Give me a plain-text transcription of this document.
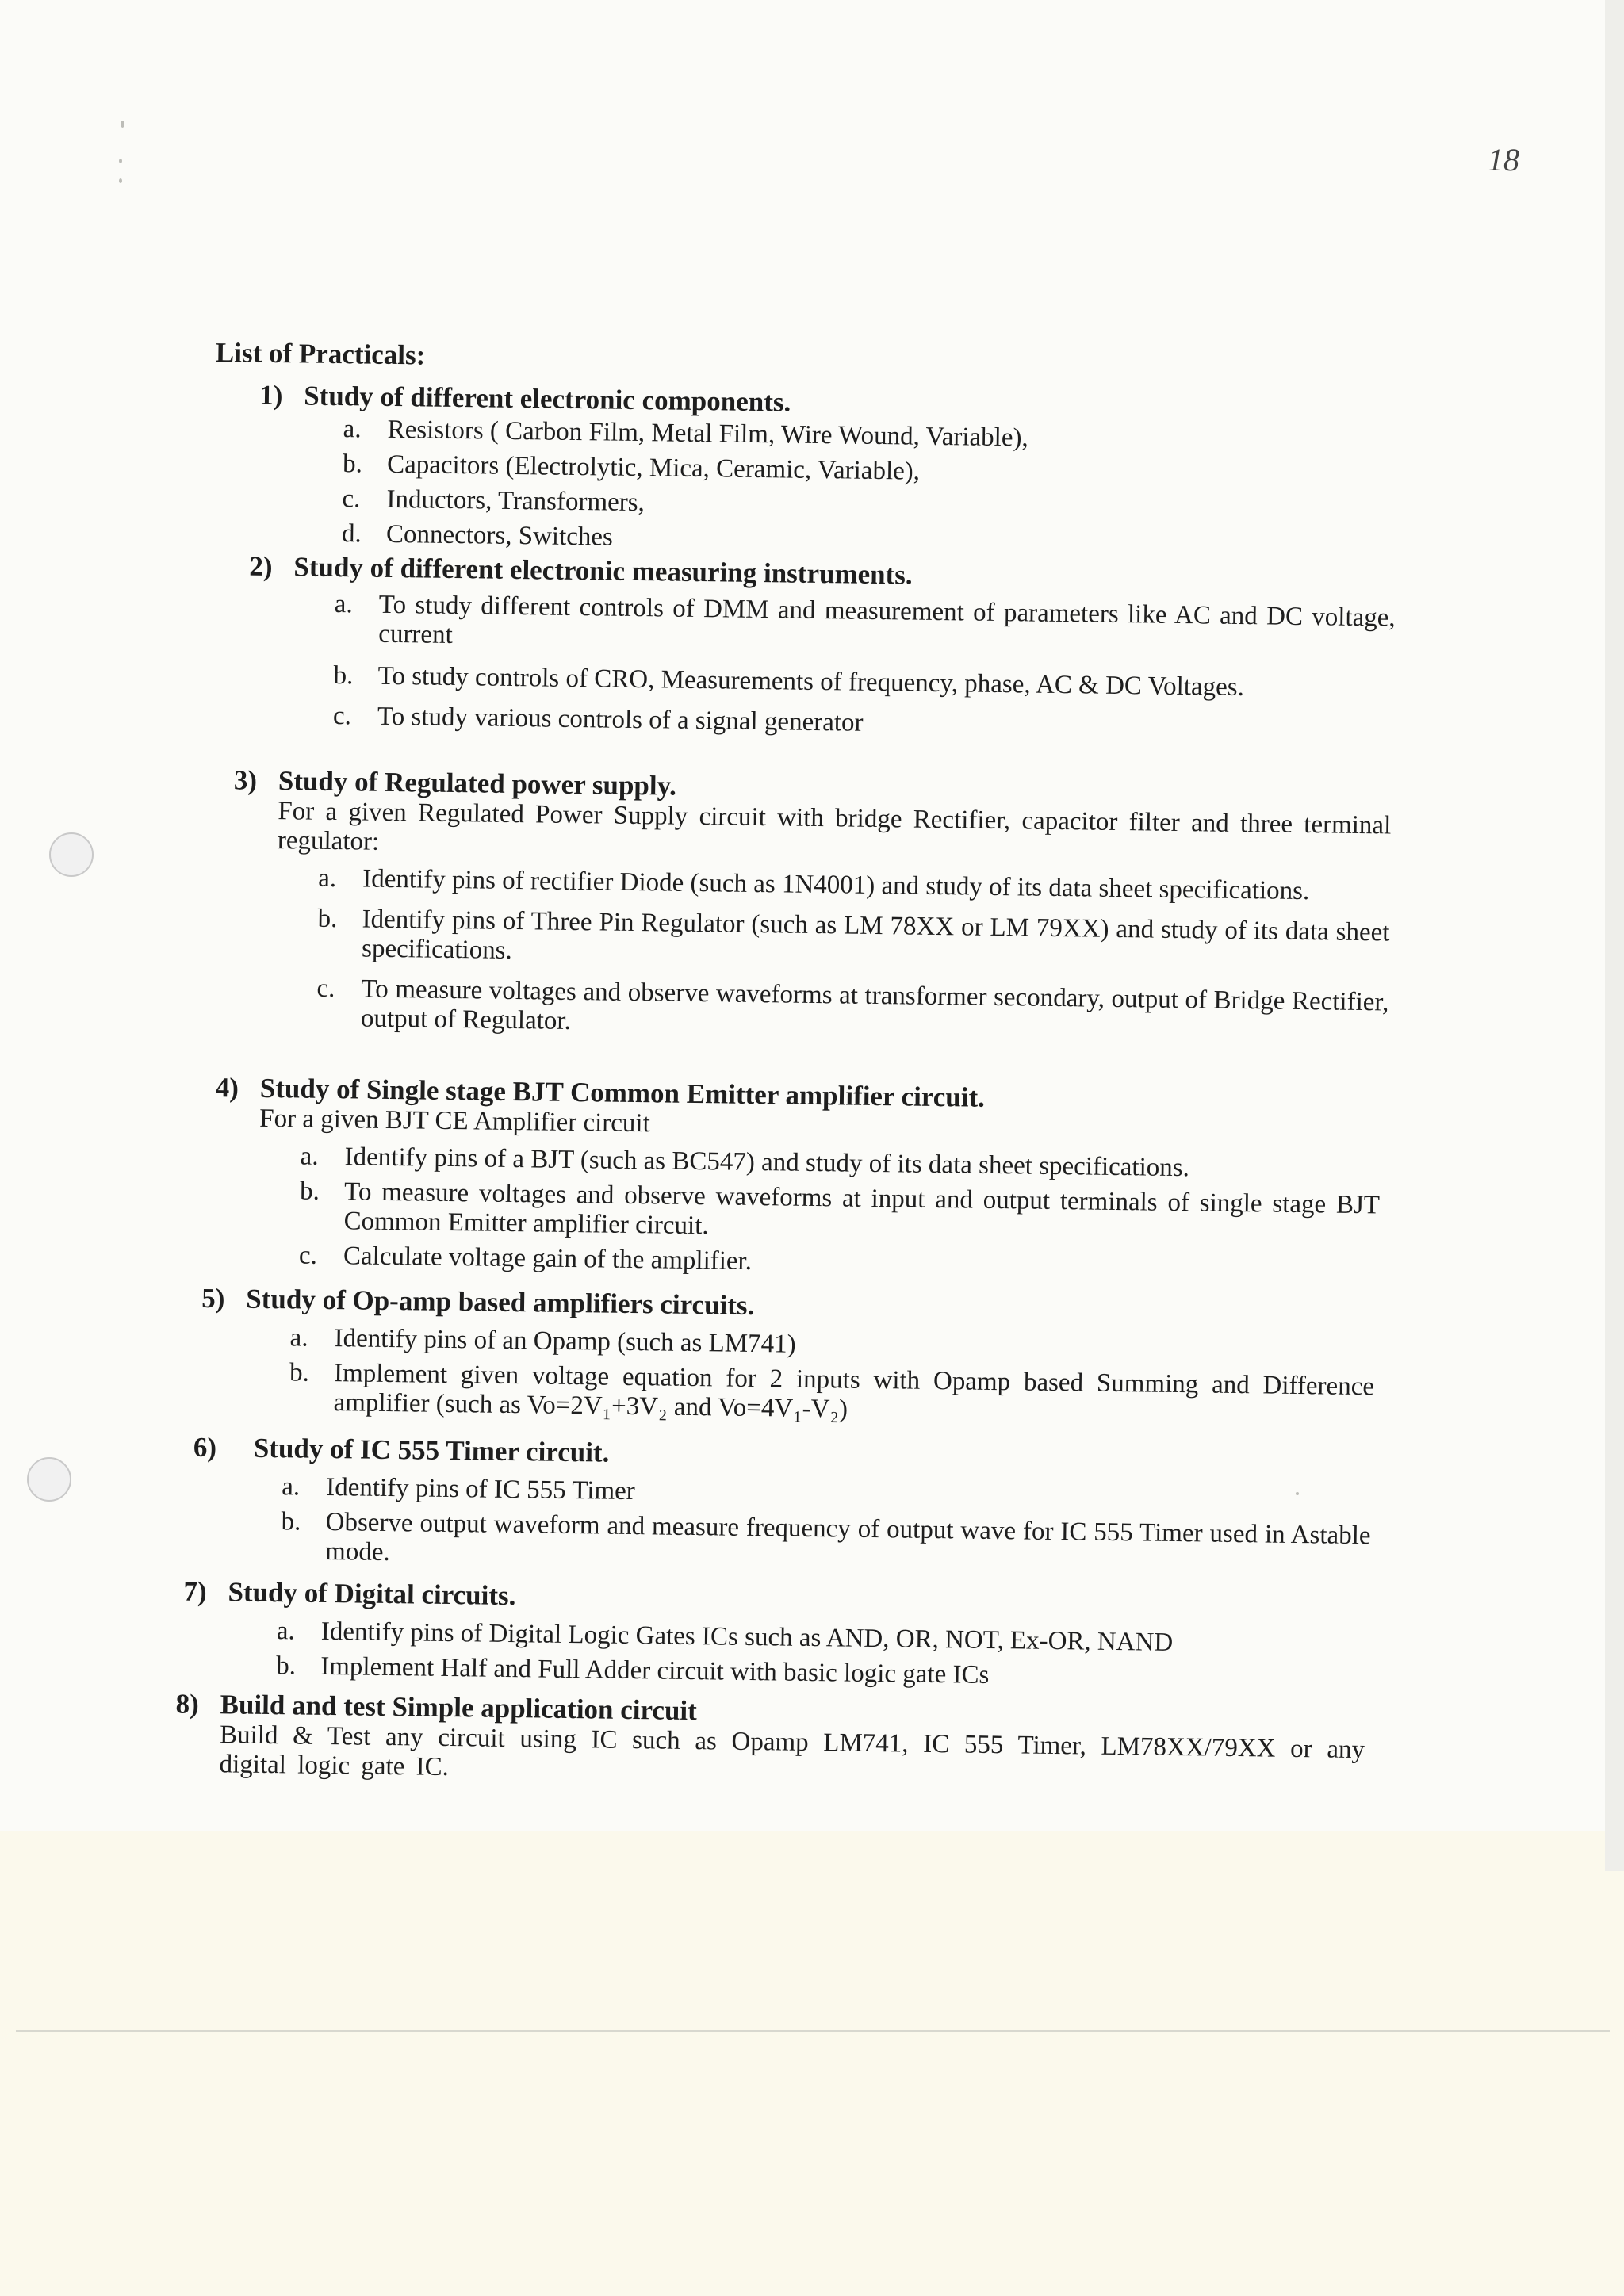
18
List of Practicals:

1) Study of different electronic components.

a. Resistors ( Carbon Film, Metal Film, Wire Wound, Variable),
b. Capacitors (Electrolytic, Mica, Ceramic, Variable),
c. Inductors, Transformers,
d. Connectors, Switches

2) Study of different electronic measuring instruments.

a. To study different controls of DMM and measurement of parameters like AC and DC voltage, current
b. To study controls of CRO, Measurements of frequency, phase, AC & DC Voltages.
c. To study various controls of a signal generator

3) Study of Regulated power supply.

For a given Regulated Power Supply circuit with bridge Rectifier, capacitor filter and three terminal regulator:

a. Identify pins of rectifier Diode (such as 1N4001) and study of its data sheet specifications.
b. Identify pins of Three Pin Regulator (such as LM 78XX or LM 79XX) and study of its data sheet specifications.
c. To measure voltages and observe waveforms at transformer secondary, output of Bridge Rectifier, output of Regulator.

4) Study of Single stage BJT Common Emitter amplifier circuit.

For a given BJT CE Amplifier circuit

a. Identify pins of a BJT (such as BC547) and study of its data sheet specifications.
b. To measure voltages and observe waveforms at input and output terminals of single stage BJT Common Emitter amplifier circuit.
c. Calculate voltage gain of the amplifier.

5) Study of Op-amp based amplifiers circuits.

a. Identify pins of an Opamp (such as LM741)
b. Implement given voltage equation for 2 inputs with Opamp based Summing and Difference amplifier (such as Vo=2V₁+3V₂ and Vo=4V₁-V₂)

6) Study of IC 555 Timer circuit.

a. Identify pins of IC 555 Timer
b. Observe output waveform and measure frequency of output wave for IC 555 Timer used in Astable mode.

7) Study of Digital circuits.

a. Identify pins of Digital Logic Gates ICs such as AND, OR, NOT, Ex-OR, NAND
b. Implement Half and Full Adder circuit with basic logic gate ICs

8) Build and test Simple application circuit

Build & Test any circuit using IC such as Opamp LM741, IC 555 Timer, LM78XX/79XX or any digital logic gate IC.
